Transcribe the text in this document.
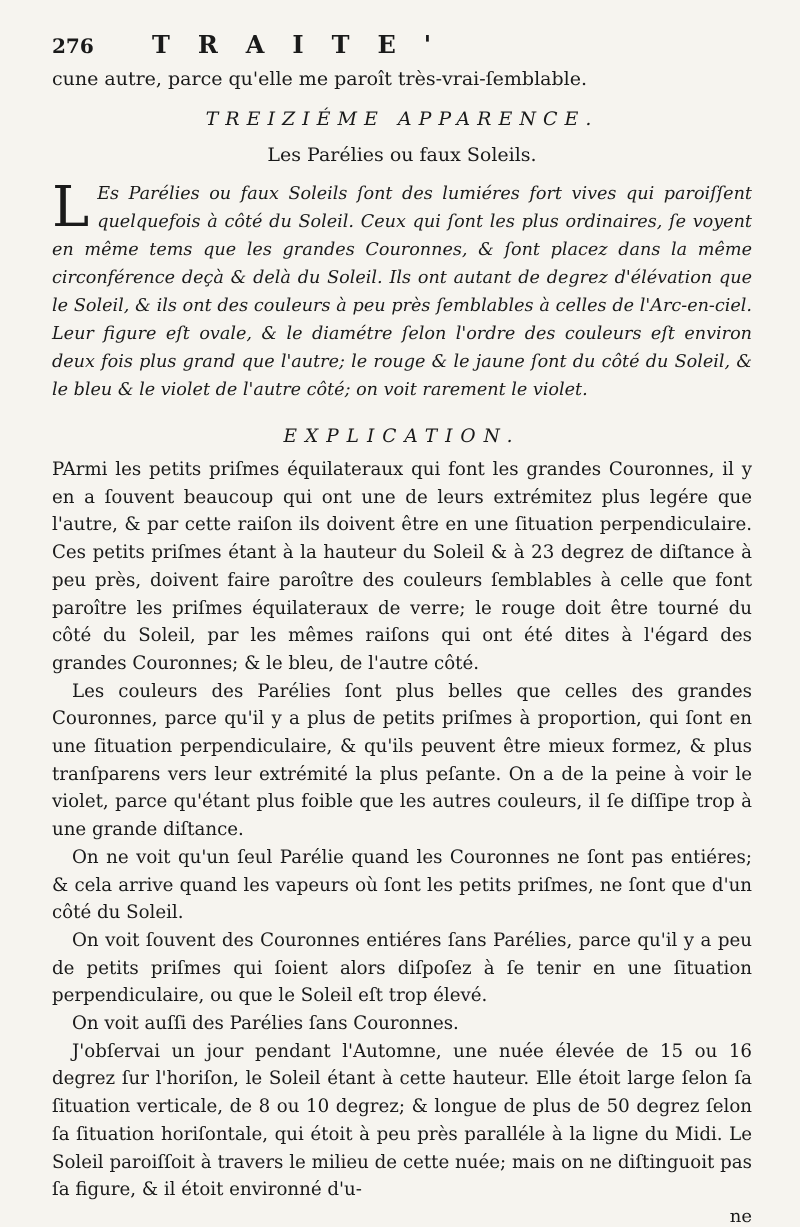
276	TRAITE'
cune autre, parce qu'elle me paroît très-vrai-ſemblable.
TREIZIÉME APPARENCE.
Les Parélies ou faux Soleils.
L Es Parélies ou faux Soleils ſont des lumiéres fort vives qui paroiſſent quelquefois à côté du Soleil. Ceux qui ſont les plus ordinaires, ſe voyent en même tems que les grandes Couronnes, & ſont placez dans la même circonférence deçà & delà du Soleil. Ils ont autant de degrez d'élévation que le Soleil, & ils ont des couleurs à peu près ſemblables à celles de l'Arc-en-ciel. Leur figure eſt ovale, & le diamétre ſelon l'ordre des couleurs eſt environ deux fois plus grand que l'autre; le rouge & le jaune ſont du côté du Soleil, & le bleu & le violet de l'autre côté; on voit rarement le violet.
EXPLICATION.

PArmi les petits priſmes équilateraux qui font les grandes Couronnes, il y en a ſouvent beaucoup qui ont une de leurs extrémitez plus legére que l'autre, & par cette raiſon ils doivent être en une ſituation perpendiculaire. Ces petits priſmes étant à la hauteur du Soleil & à 23 degrez de diſtance à peu près, doivent faire paroître des couleurs ſemblables à celle que font paroître les priſmes équilateraux de verre; le rouge doit être tourné du côté du Soleil, par les mêmes raiſons qui ont été dites à l'égard des grandes Couronnes; & le bleu, de l'autre côté.

Les couleurs des Parélies ſont plus belles que celles des grandes Couronnes, parce qu'il y a plus de petits priſmes à proportion, qui ſont en une ſituation perpendiculaire, & qu'ils peuvent être mieux formez, & plus tranſparens vers leur extrémité la plus peſante. On a de la peine à voir le violet, parce qu'étant plus foible que les autres couleurs, il ſe diſſipe trop à une grande diſtance.

On ne voit qu'un ſeul Parélie quand les Couronnes ne ſont pas entiéres; & cela arrive quand les vapeurs où ſont les petits priſmes, ne ſont que d'un côté du Soleil.

On voit ſouvent des Couronnes entiéres ſans Parélies, parce qu'il y a peu de petits priſmes qui ſoient alors diſpoſez à ſe tenir en une ſituation perpendiculaire, ou que le Soleil eſt trop élevé.

On voit auſſi des Parélies ſans Couronnes.

J'obſervai un jour pendant l'Automne, une nuée élevée de 15 ou 16 degrez ſur l'horiſon, le Soleil étant à cette hauteur. Elle étoit large ſelon ſa ſituation verticale, de 8 ou 10 degrez; & longue de plus de 50 degrez ſelon ſa ſituation horiſontale, qui étoit à peu près paralléle à la ligne du Midi. Le Soleil paroiſſoit à travers le milieu de cette nuée; mais on ne diſtinguoit pas ſa figure, & il étoit environné d'u-

ne
